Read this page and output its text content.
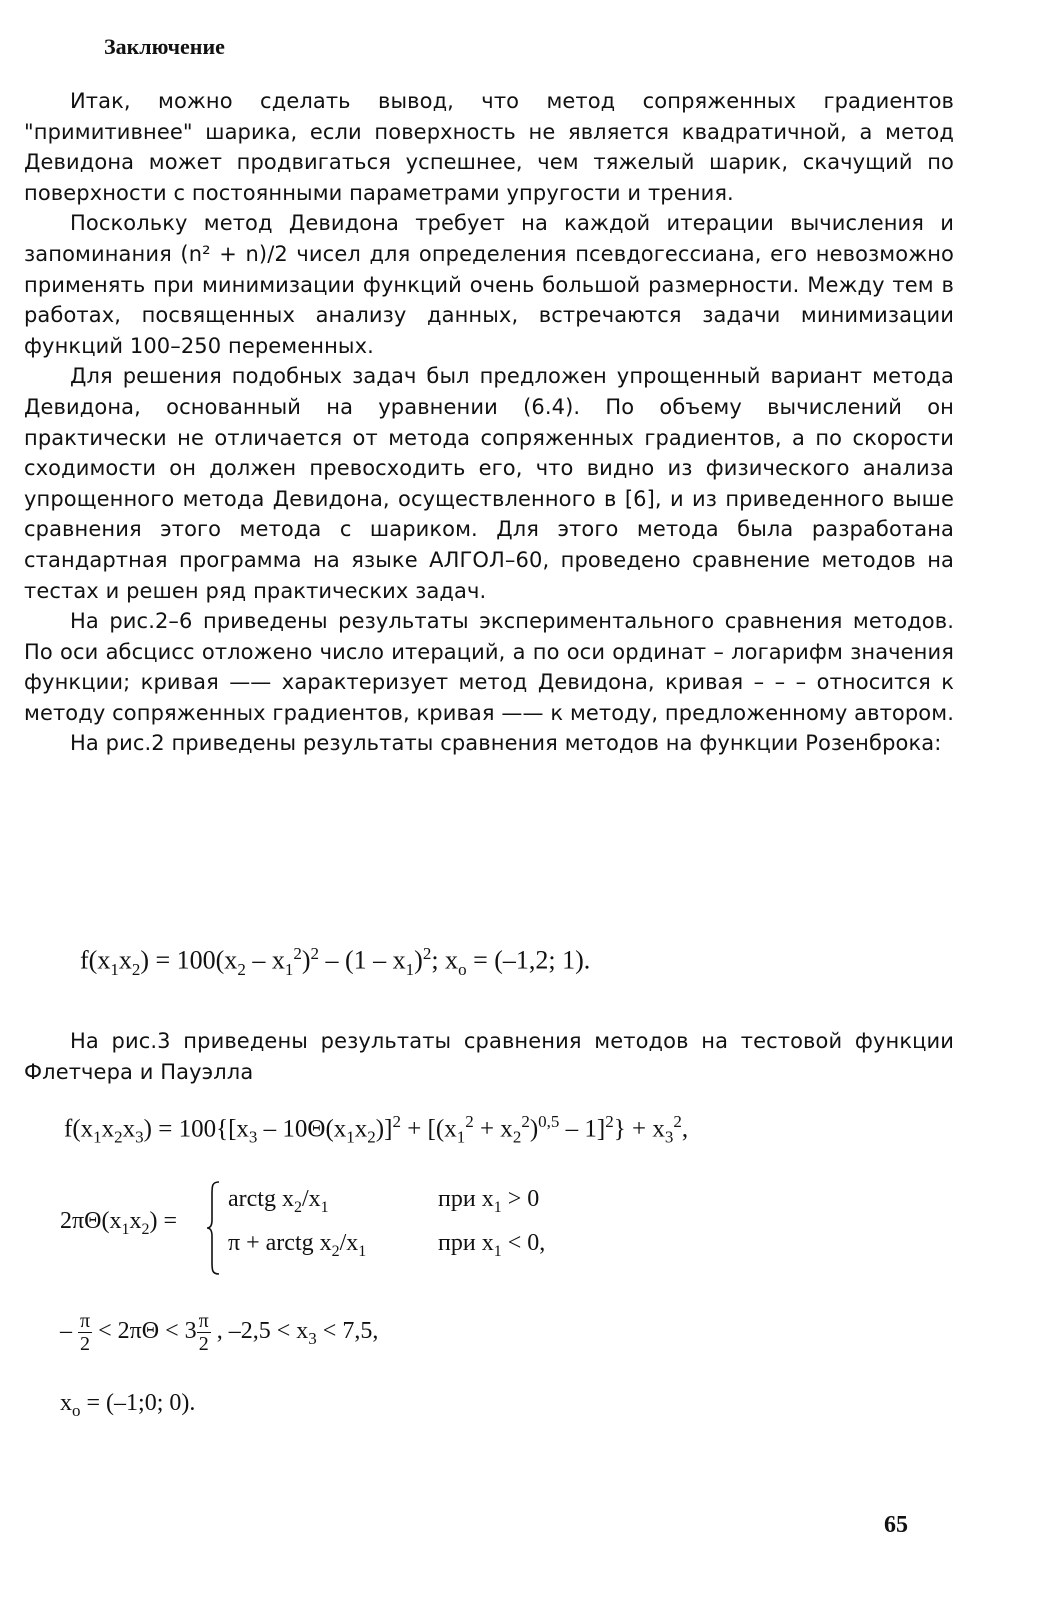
Заключение

Итак, можно сделать вывод, что метод сопряженных градиентов "примитивнее" шарика, если поверхность не является квадратичной, а метод Девидона может продвигаться успешнее, чем тяжелый шарик, скачущий по поверхности с постоянными параметрами упругости и трения.

Поскольку метод Девидона требует на каждой итерации вычисления и запоминания (n² + n)/2 чисел для определения псевдогессиана, его невозможно применять при минимизации функций очень большой размерности. Между тем в работах, посвященных анализу данных, встречаются задачи минимизации функций 100–250 переменных.

Для решения подобных задач был предложен упрощенный вариант метода Девидона, основанный на уравнении (6.4). По объему вычислений он практически не отличается от метода сопряженных градиентов, а по скорости сходимости он должен превосходить его, что видно из физического анализа упрощенного метода Девидона, осуществленного в [6], и из приведенного выше сравнения этого метода с шариком. Для этого метода была разработана стандартная программа на языке АЛГОЛ–60, проведено сравнение методов на тестах и решен ряд практических задач.

На рис.2–6 приведены результаты экспериментального сравнения методов. По оси абсцисс отложено число итераций, а по оси ординат – логарифм значения функции; кривая —— характеризует метод Девидона, кривая – – – относится к методу сопряженных градиентов, кривая —— к методу, предложенному автором.

На рис.2 приведены результаты сравнения методов на функции Розенброка:

$f(x_1x_2) = 100(x_2 - x_1^2)^2 - (1 - x_1)^2$; $x_o = (-1,2$; 1).

На рис.3 приведены результаты сравнения методов на тестовой функции Флетчера и Пауэлла

$f(x_1x_2x_3) = 100\{[x_3 - 10\Theta(x_1x_2)]^2 + [(x_1^2 + x_2^2)^{0,5} - 1]^2\} + x_3^2$,
$2\pi\Theta(x_1x_2)$ =
arctg $x_2/x_1$	при $x_1 > 0$
π + arctg $x_2/x_1$	при $x_1 < 0$,
– $\frac{\pi}{2} < 2\pi\Theta < 3 \frac{\pi}{2}$ , $-2,5 < x_3 < 7,5$,
$x_o$ = (–1;0; 0).
65
